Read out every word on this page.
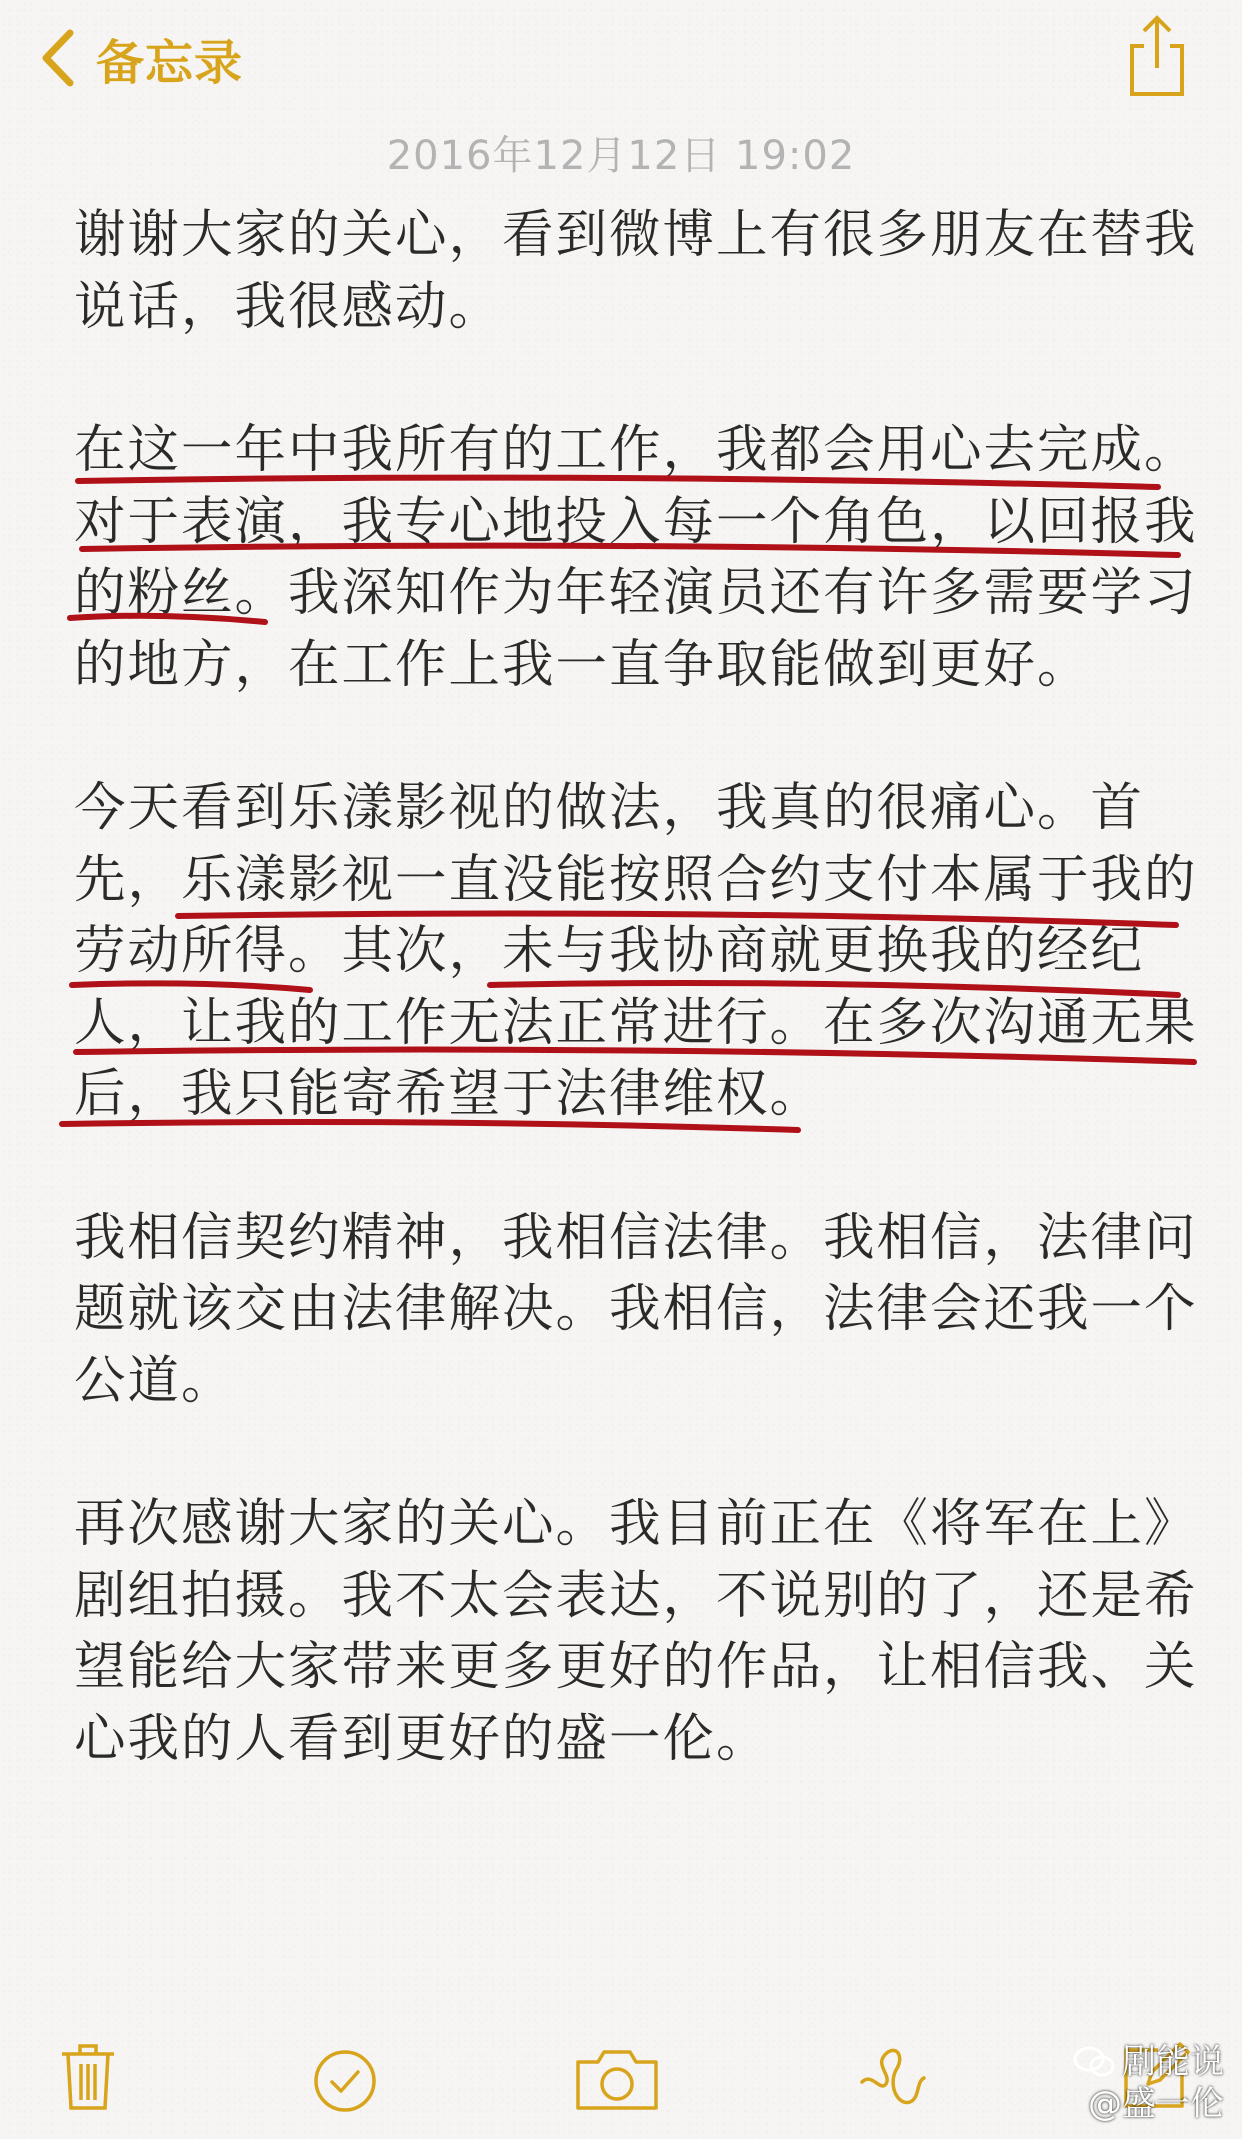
备忘录
2016年12月12日 19:02
谢谢大家的关心，看到微博上有很多朋友在替我
说话，我很感动。
在这一年中我所有的工作，我都会用心去完成。
对于表演，我专心地投入每一个角色，以回报我
的粉丝。我深知作为年轻演员还有许多需要学习
的地方，在工作上我一直争取能做到更好。
今天看到乐漾影视的做法，我真的很痛心。首
先，乐漾影视一直没能按照合约支付本属于我的
劳动所得。其次，未与我协商就更换我的经纪
人，让我的工作无法正常进行。在多次沟通无果
后，我只能寄希望于法律维权。
我相信契约精神，我相信法律。我相信，法律问
题就该交由法律解决。我相信，法律会还我一个
公道。
再次感谢大家的关心。我目前正在《将军在上》
剧组拍摄。我不太会表达，不说别的了，还是希
望能给大家带来更多更好的作品，让相信我、关
心我的人看到更好的盛一伦。
剧能说
@盛一伦
